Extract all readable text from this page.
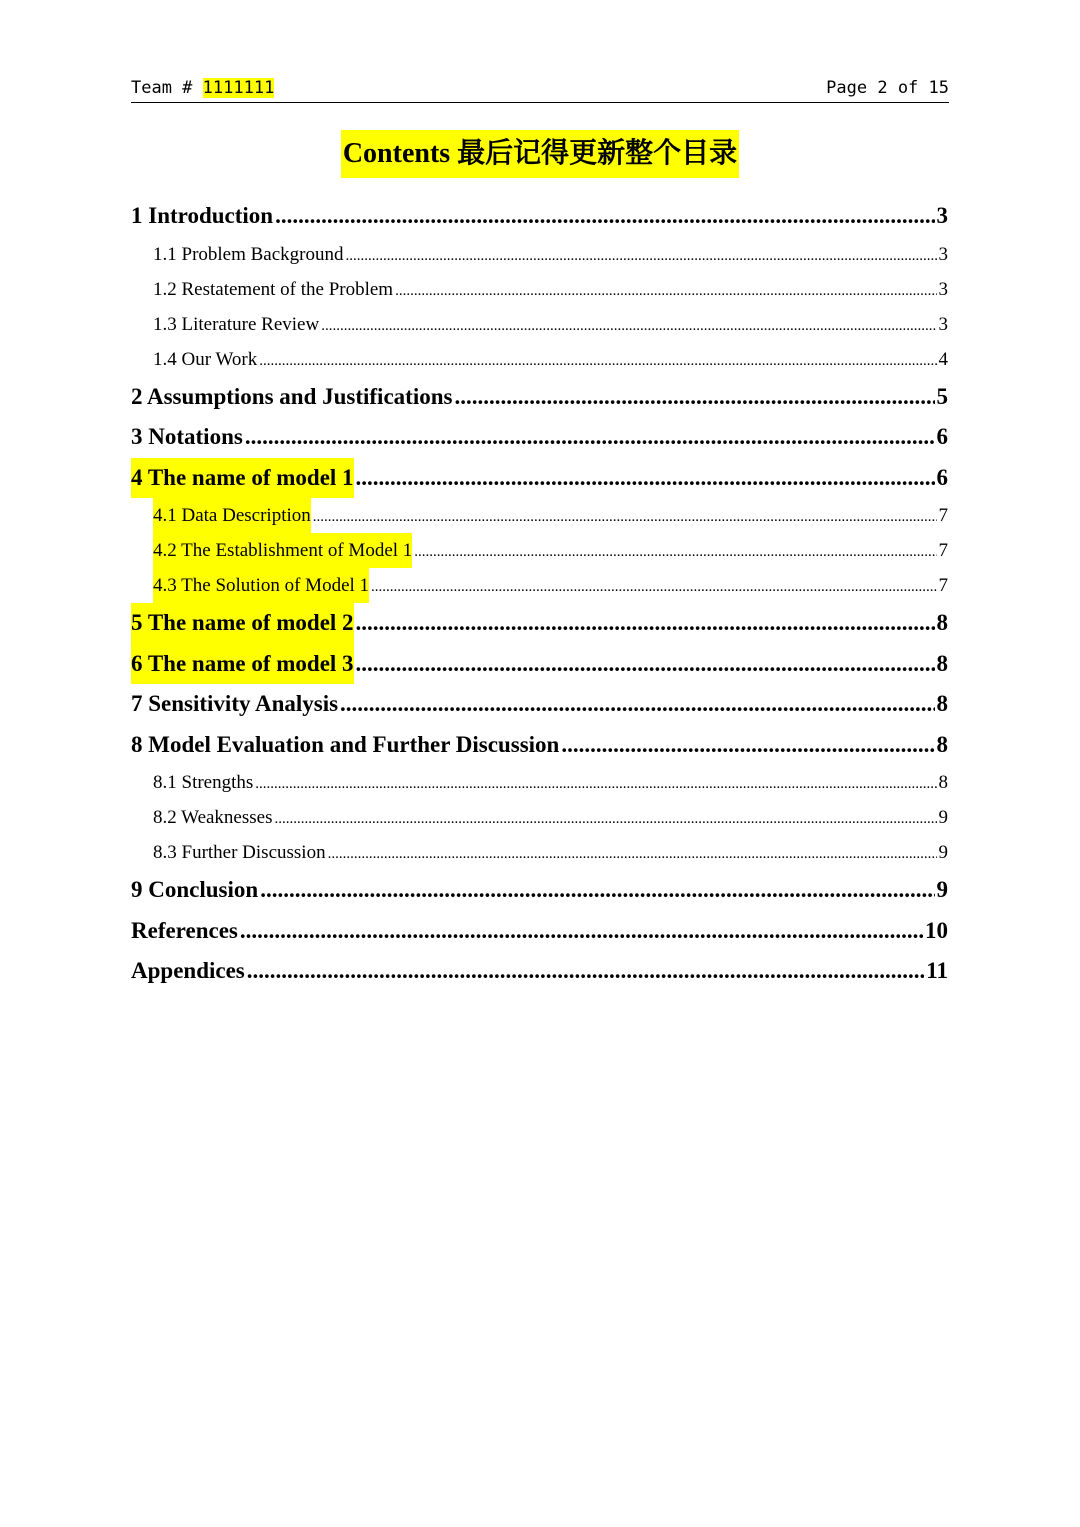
Team # 1111111	Page 2 of 15
Contents 最后记得更新整个目录
1 Introduction .....	3
1.1 Problem Background .....	3
1.2 Restatement of the Problem .....	3
1.3 Literature Review .....	3
1.4 Our Work .....	4
2 Assumptions and Justifications .....	5
3 Notations .....	6
4 The name of model 1 .....	6
4.1 Data Description .....	7
4.2 The Establishment of Model 1 .....	7
4.3 The Solution of Model 1 .....	7
5 The name of model 2 .....	8
6 The name of model 3 .....	8
7 Sensitivity Analysis .....	8
8 Model Evaluation and Further Discussion .....	8
8.1 Strengths .....	8
8.2 Weaknesses .....	9
8.3 Further Discussion .....	9
9 Conclusion .....	9
References .....	10
Appendices .....	11
